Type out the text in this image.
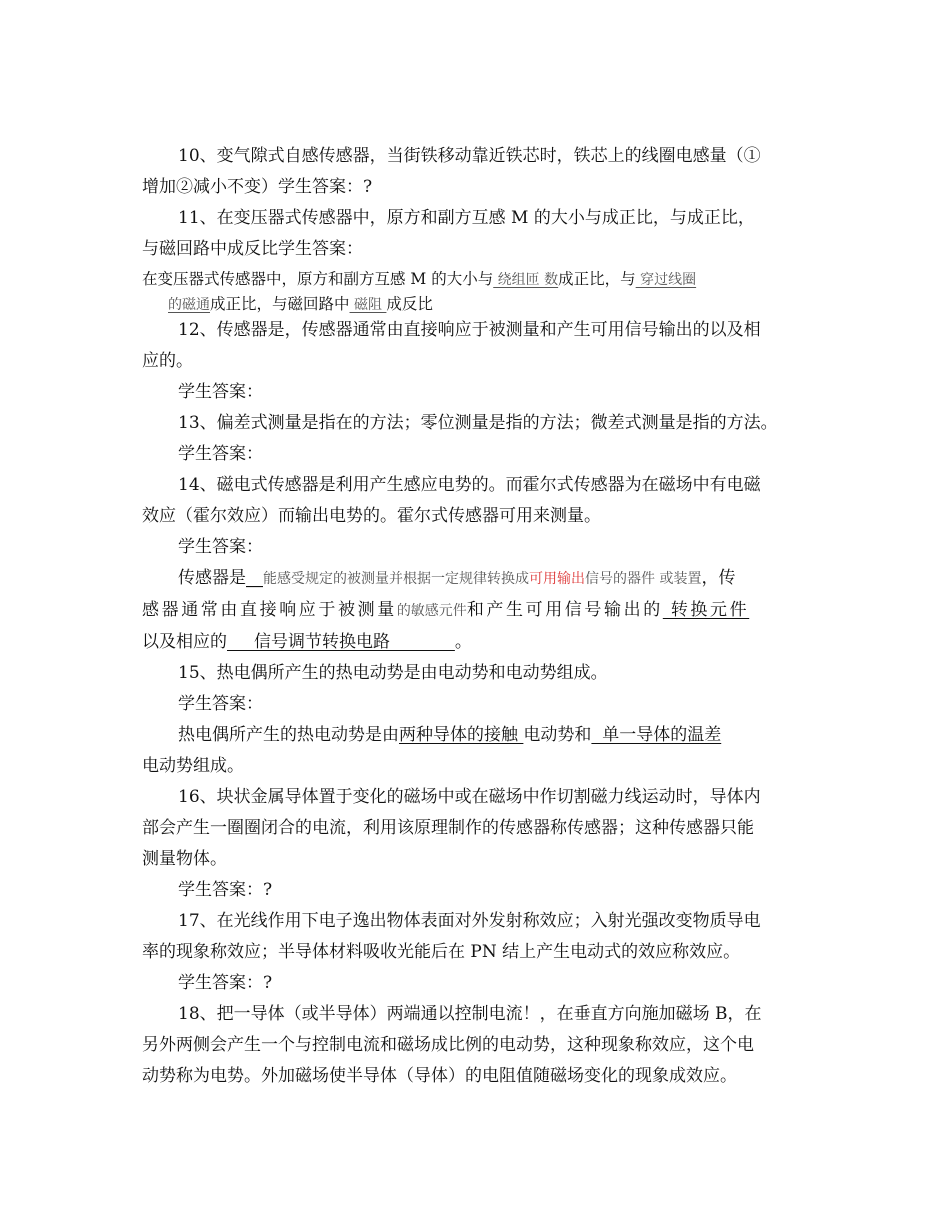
10、变气隙式自感传感器，当街铁移动靠近铁芯时，铁芯上的线圈电感量（①

增加②减小不变）学生答案：?

11、在变压器式传感器中，原方和副方互感 M 的大小与成正比，与成正比，

与磁回路中成反比学生答案：

在变压器式传感器中，原方和副方互感 M 的大小与 绕组匝 数成正比，与 穿过线圈

的磁通成正比，与磁回路中 磁阻 成反比

12、传感器是，传感器通常由直接响应于被测量和产生可用信号输出的以及相

应的。

学生答案：

13、偏差式测量是指在的方法；零位测量是指的方法；微差式测量是指的方法。

学生答案：

14、磁电式传感器是利用产生感应电势的。而霍尔式传感器为在磁场中有电磁

效应（霍尔效应）而输出电势的。霍尔式传感器可用来测量。

学生答案：

传感器是__能感受规定的被测量并根据一定规律转换成可用输出信号的器件 或装置，传

感器通常由直接响应于被测量的敏感元件和产生可用信号输出的 转换元件

以及相应的     信号调节转换电路            。

15、热电偶所产生的热电动势是由电动势和电动势组成。

学生答案：

热电偶所产生的热电动势是由两种导体的接触 电动势和  单一导体的温差

电动势组成。

16、块状金属导体置于变化的磁场中或在磁场中作切割磁力线运动时，导体内

部会产生一圈圈闭合的电流，利用该原理制作的传感器称传感器；这种传感器只能

测量物体。

学生答案：?

17、在光线作用下电子逸出物体表面对外发射称效应；入射光强改变物质导电

率的现象称效应；半导体材料吸收光能后在 PN 结上产生电动式的效应称效应。

学生答案：?

18、把一导体（或半导体）两端通以控制电流！，在垂直方向施加磁场 B，在

另外两侧会产生一个与控制电流和磁场成比例的电动势，这种现象称效应，这个电

动势称为电势。外加磁场使半导体（导体）的电阻值随磁场变化的现象成效应。
